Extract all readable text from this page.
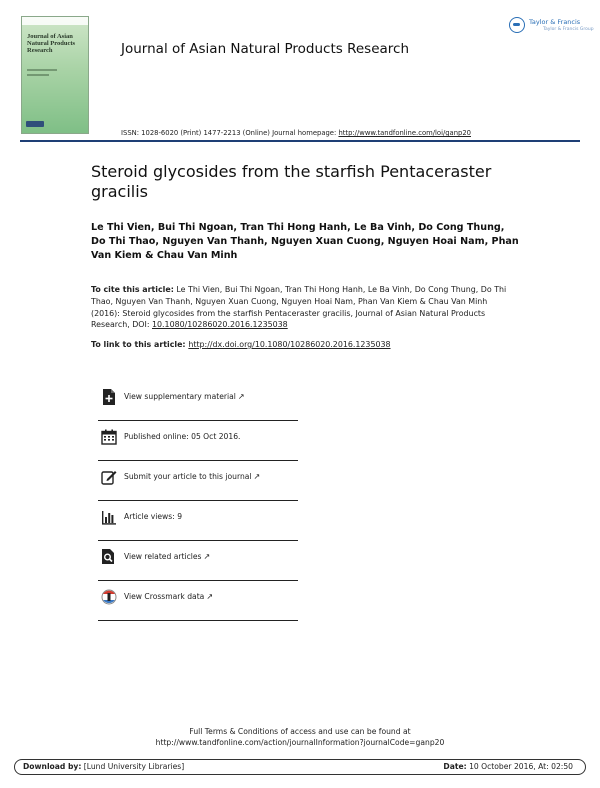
Journal of Asian Natural Products Research	Journal of Asian Natural Products Research
Taylor & Francis
Taylor & Francis Group
ISSN: 1028-6020 (Print) 1477-2213 (Online) Journal homepage: http://www.tandfonline.com/loi/ganp20
Steroid glycosides from the starfish Pentaceraster gracilis
Le Thi Vien, Bui Thi Ngoan, Tran Thi Hong Hanh, Le Ba Vinh, Do Cong Thung, Do Thi Thao, Nguyen Van Thanh, Nguyen Xuan Cuong, Nguyen Hoai Nam, Phan Van Kiem & Chau Van Minh
To cite this article: Le Thi Vien, Bui Thi Ngoan, Tran Thi Hong Hanh, Le Ba Vinh, Do Cong Thung, Do Thi Thao, Nguyen Van Thanh, Nguyen Xuan Cuong, Nguyen Hoai Nam, Phan Van Kiem & Chau Van Minh (2016): Steroid glycosides from the starfish Pentaceraster gracilis, Journal of Asian Natural Products Research, DOI: 10.1080/10286020.2016.1235038
To link to this article: http://dx.doi.org/10.1080/10286020.2016.1235038
View supplementary material ↗
Published online: 05 Oct 2016.
Submit your article to this journal ↗
Article views: 9
View related articles ↗
View Crossmark data ↗
Full Terms & Conditions of access and use can be found at
http://www.tandfonline.com/action/journalInformation?journalCode=ganp20
Download by: [Lund University Libraries]	Date: 10 October 2016, At: 02:50
